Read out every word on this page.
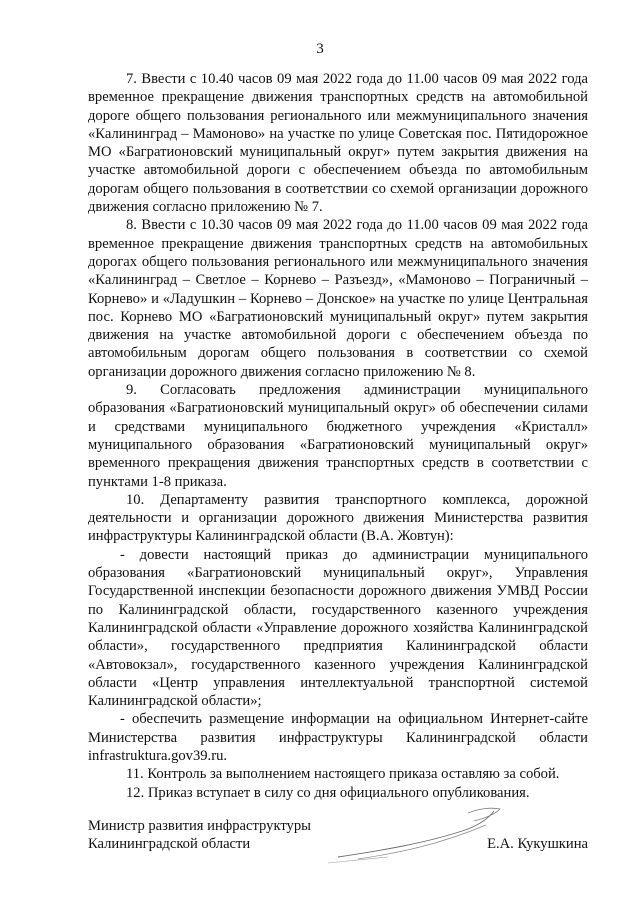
3

7. Ввести с 10.40 часов 09 мая 2022 года до 11.00 часов 09 мая 2022 года временное прекращение движения транспортных средств на автомобильной дороге общего пользования регионального или межмуниципального значения «Калининград – Мамоново» на участке по улице Советская пос. Пятидорожное МО «Багратионовский муниципальный округ» путем закрытия движения на участке автомобильной дороги с обеспечением объезда по автомобильным дорогам общего пользования в соответствии со схемой организации дорожного движения согласно приложению № 7.

8. Ввести с 10.30 часов 09 мая 2022 года до 11.00 часов 09 мая 2022 года временное прекращение движения транспортных средств на автомобильных дорогах общего пользования регионального или межмуниципального значения «Калининград – Светлое – Корнево – Разъезд», «Мамоново – Пограничный – Корнево» и «Ладушкин – Корнево – Донское» на участке по улице Центральная пос. Корнево МО «Багратионовский муниципальный округ» путем закрытия движения на участке автомобильной дороги с обеспечением объезда по автомобильным дорогам общего пользования в соответствии со схемой организации дорожного движения согласно приложению № 8.

9. Согласовать предложения администрации муниципального образования «Багратионовский муниципальный округ» об обеспечении силами и средствами муниципального бюджетного учреждения «Кристалл» муниципального образования «Багратионовский муниципальный округ» временного прекращения движения транспортных средств в соответствии с пунктами 1-8 приказа.

10. Департаменту развития транспортного комплекса, дорожной деятельности и организации дорожного движения Министерства развития инфраструктуры Калининградской области (В.А. Жовтун):

- довести настоящий приказ до администрации муниципального образования «Багратионовский муниципальный округ», Управления Государственной инспекции безопасности дорожного движения УМВД России по Калининградской области, государственного казенного учреждения Калининградской области «Управление дорожного хозяйства Калининградской области», государственного предприятия Калининградской области «Автовокзал», государственного казенного учреждения Калининградской области «Центр управления интеллектуальной транспортной системой Калининградской области»;

- обеспечить размещение информации на официальном Интернет-сайте Министерства развития инфраструктуры Калининградской области infrastruktura.gov39.ru.

11. Контроль за выполнением настоящего приказа оставляю за собой.

12. Приказ вступает в силу со дня официального опубликования.

Министр развития инфраструктуры
Калининградской области	Е.А. Кукушкина
